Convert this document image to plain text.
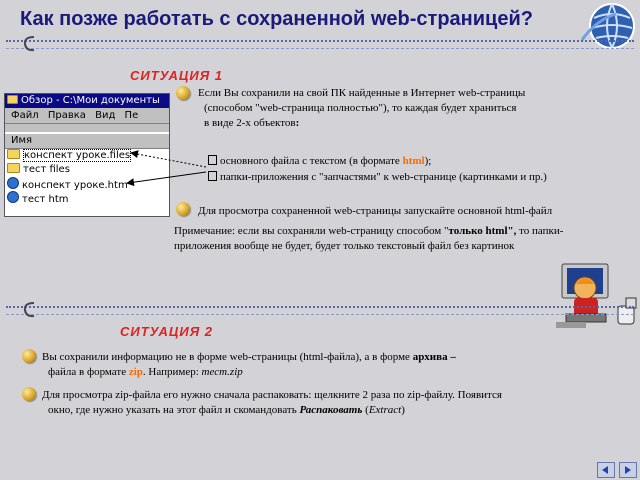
Как позже работать с сохраненной web-страницей?
СИТУАЦИЯ 1
Если Вы сохранили на свой ПК найденные в Интернет web-страницы
(способом "web-страница полностью"), то каждая будет храниться
в виде 2-х объектов:
основного файла с текстом (в формате html);
папки-приложения с "запчастями" к web-странице (картинками и пр.)
Для просмотра сохраненной web-страницы запускайте основной html-файл
Примечание: если вы сохраняли web-страницу способом "только html", то папки-
приложения вообще не будет, будет только текстовый файл без картинок
Обзор - C:\Мои документы
Файл Правка Вид Пе
Имя
конспект уроке.files
тест files
конспект уроке.htm
тест htm
СИТУАЦИЯ 2
Вы сохранили информацию не в форме web-страницы (html-файла), а в форме архива –
файла в формате zip. Например: тест.zip
Для просмотра zip-файла его нужно сначала распаковать: щелкните 2 раза по zip-файлу. Появится
окно, где нужно указать на этот файл и скомандовать Распаковать (Extract)
